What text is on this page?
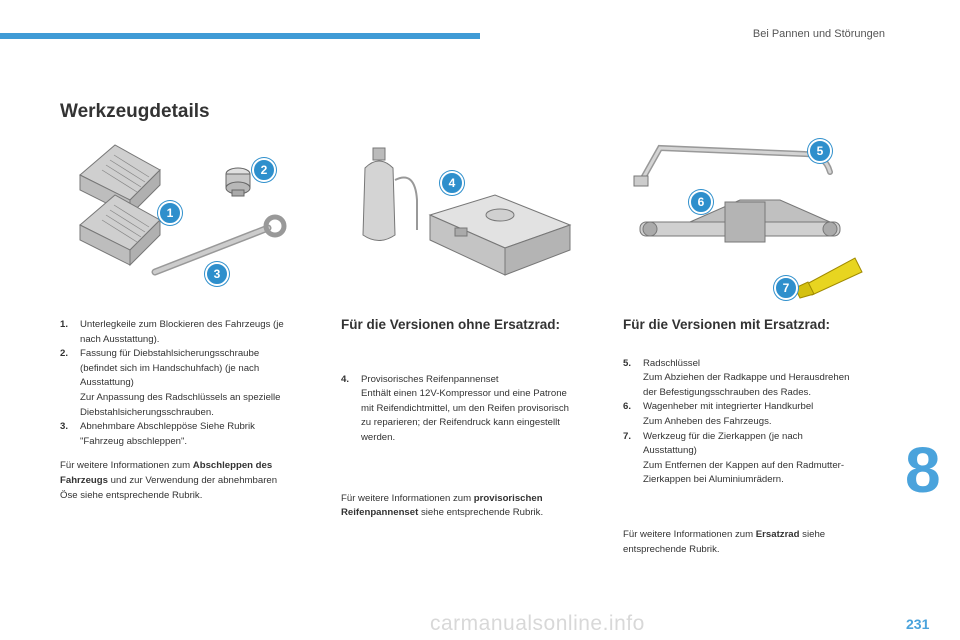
Bei Pannen und Störungen
Werkzeugdetails
1
2
3
4
5
6
7
1. Unterlegkeile zum Blockieren des Fahrzeugs (je
nach Ausstattung).
2. Fassung für Diebstahlsicherungsschraube
(befindet sich im Handschuhfach) (je nach
Ausstattung)
Zur Anpassung des Radschlüssels an spezielle
Diebstahlsicherungsschrauben.
3. Abnehmbare Abschleppöse Siehe Rubrik
"Fahrzeug abschleppen".
Für weitere Informationen zum Abschleppen des
Fahrzeugs und zur Verwendung der abnehmbaren
Öse siehe entsprechende Rubrik.
Für die Versionen ohne Ersatzrad:
4. Provisorisches Reifenpannenset
Enthält einen 12V-Kompressor und eine Patrone
mit Reifendichtmittel, um den Reifen provisorisch
zu reparieren; der Reifendruck kann eingestellt
werden.
Für weitere Informationen zum provisorischen
Reifenpannenset siehe entsprechende Rubrik.
Für die Versionen mit Ersatzrad:
5. Radschlüssel
Zum Abziehen der Radkappe und Herausdrehen
der Befestigungsschrauben des Rades.
6. Wagenheber mit integrierter Handkurbel
Zum Anheben des Fahrzeugs.
7. Werkzeug für die Zierkappen (je nach
Ausstattung)
Zum Entfernen der Kappen auf den Radmutter-
Zierkappen bei Aluminiumrädern.
Für weitere Informationen zum Ersatzrad siehe
entsprechende Rubrik.
8
231
carmanualsonline.info
